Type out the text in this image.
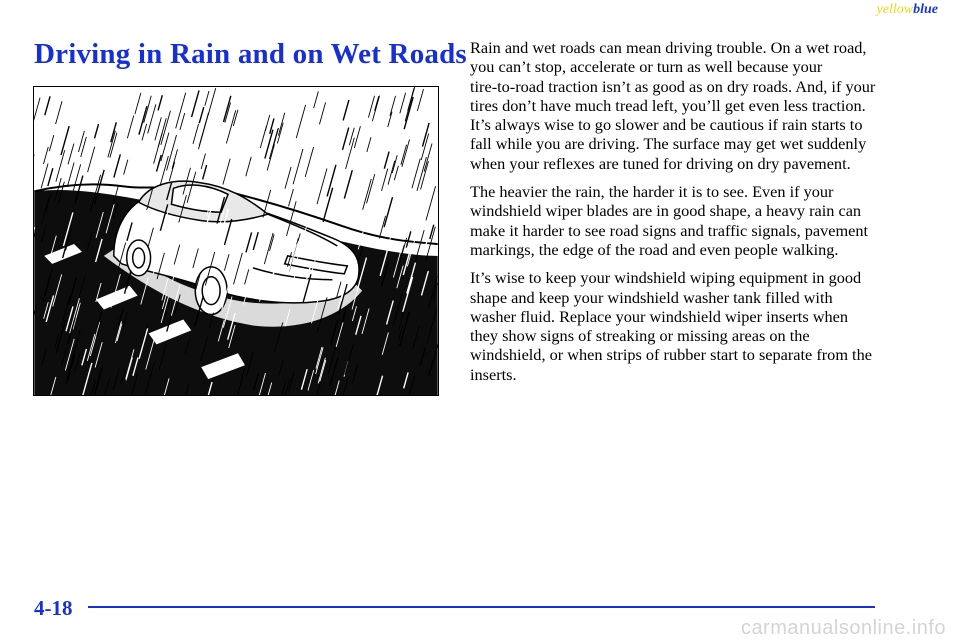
yellowblue
Driving in Rain and on Wet Roads Rain and wet roads can mean driving trouble. On a wet road, you can’t stop, accelerate or turn as well because your tire‑to‑road traction isn’t as good as on dry roads. And, if your tires don’t have much tread left, you’ll get even less traction. It’s always wise to go slower and be cautious if rain starts to fall while you are driving. The surface may get wet suddenly when your reflexes are tuned for driving on dry pavement.

The heavier the rain, the harder it is to see. Even if your windshield wiper blades are in good shape, a heavy rain can make it harder to see road signs and traffic signals, pavement markings, the edge of the road and even people walking.

It’s wise to keep your windshield wiping equipment in good shape and keep your windshield washer tank filled with washer fluid. Replace your windshield wiper inserts when they show signs of streaking or missing areas on the windshield, or when strips of rubber start to separate from the inserts.

4-18
carmanualsonline.info
